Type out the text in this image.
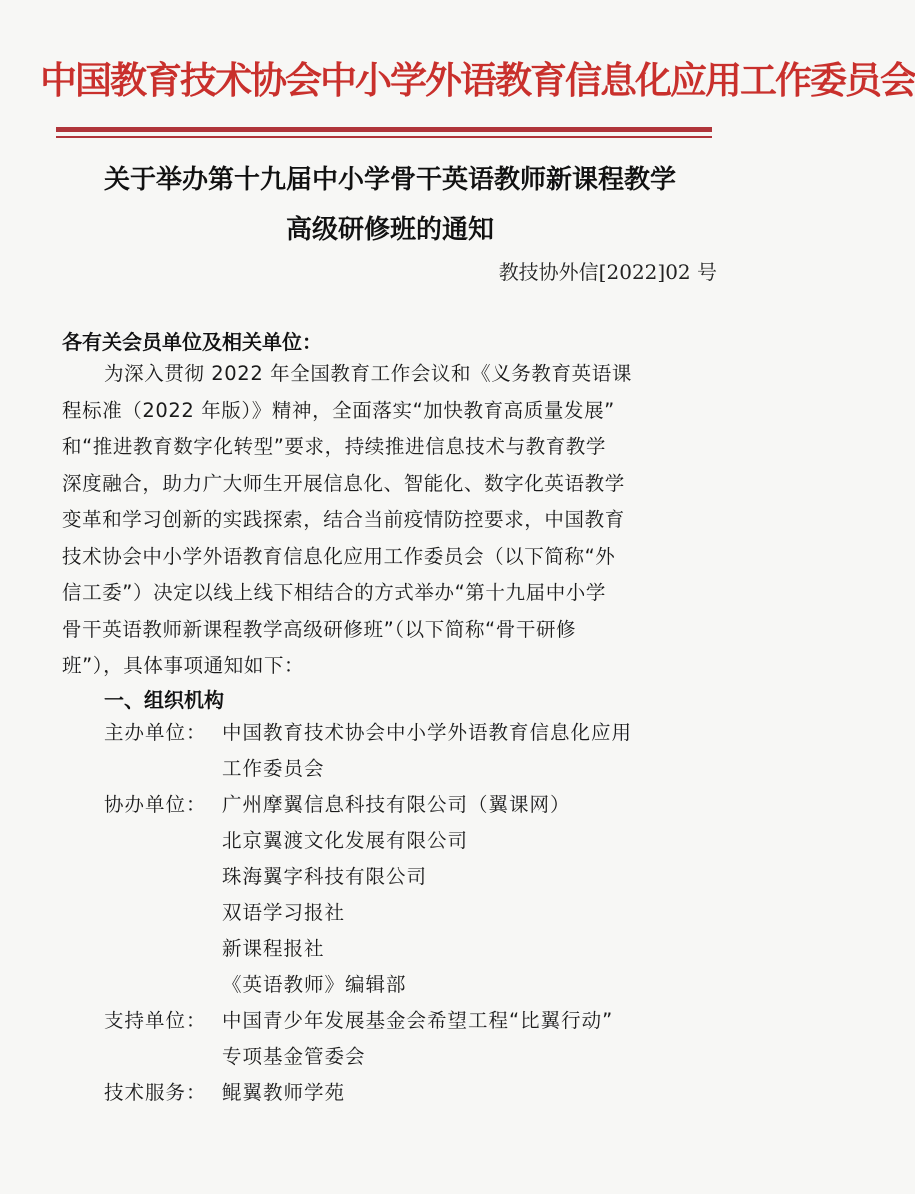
中国教育技术协会中小学外语教育信息化应用工作委员会
关于举办第十九届中小学骨干英语教师新课程教学
高级研修班的通知
教技协外信[2022]02 号
各有关会员单位及相关单位：
为深入贯彻 2022 年全国教育工作会议和《义务教育英语课
程标准（2022 年版）》精神，全面落实“加快教育高质量发展”
和“推进教育数字化转型”要求，持续推进信息技术与教育教学
深度融合，助力广大师生开展信息化、智能化、数字化英语教学
变革和学习创新的实践探索，结合当前疫情防控要求，中国教育
技术协会中小学外语教育信息化应用工作委员会（以下简称“外
信工委”）决定以线上线下相结合的方式举办“第十九届中小学
骨干英语教师新课程教学高级研修班”（以下简称“骨干研修
班”），具体事项通知如下：
一、组织机构
主办单位： 中国教育技术协会中小学外语教育信息化应用
工作委员会
协办单位： 广州摩翼信息科技有限公司（翼课网）
北京翼渡文化发展有限公司
珠海翼字科技有限公司
双语学习报社
新课程报社
《英语教师》编辑部
支持单位： 中国青少年发展基金会希望工程“比翼行动”
专项基金管委会
技术服务： 鲲翼教师学苑
